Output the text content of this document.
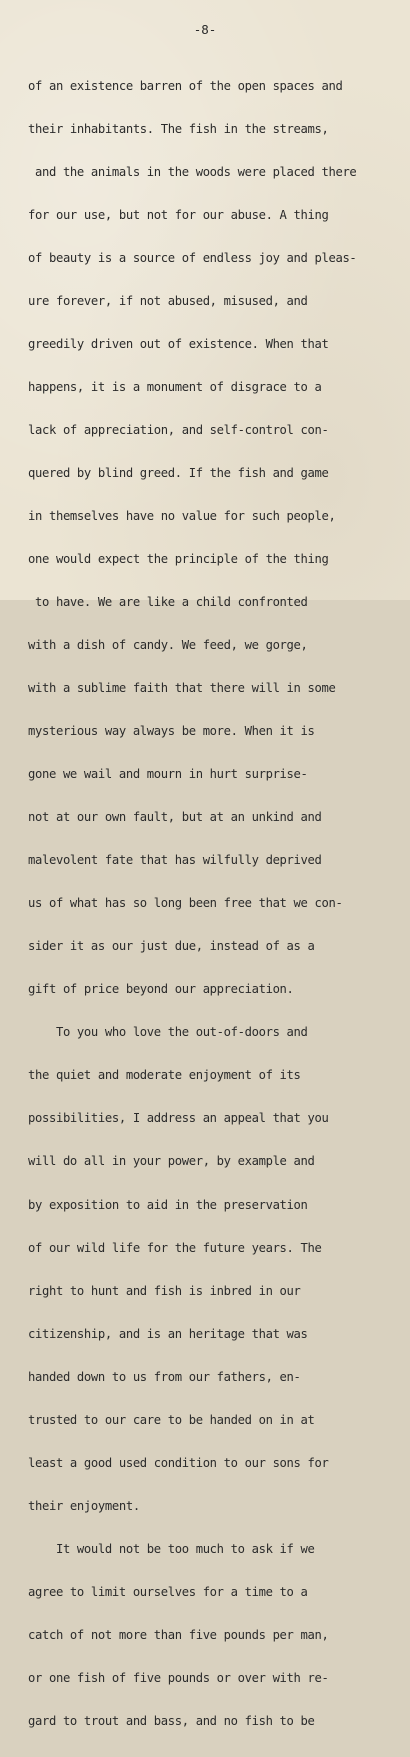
-8-

of an existence barren of the open spaces and

their inhabitants. The fish in the streams,

and the animals in the woods were placed there

for our use, but not for our abuse. A thing

of beauty is a source of endless joy and pleas-

ure forever, if not abused, misused, and

greedily driven out of existence. When that

happens, it is a monument of disgrace to a

lack of appreciation, and self-control con-

quered by blind greed. If the fish and game

in themselves have no value for such people,

one would expect the principle of the thing

to have. We are like a child confronted

with a dish of candy. We feed, we gorge,

with a sublime faith that there will in some

mysterious way always be more. When it is

gone we wail and mourn in hurt surprise-

not at our own fault, but at an unkind and

malevolent fate that has wilfully deprived

us of what has so long been free that we con-

sider it as our just due, instead of as a

gift of price beyond our appreciation.

To you who love the out-of-doors and

the quiet and moderate enjoyment of its

possibilities, I address an appeal that you

will do all in your power, by example and

by exposition to aid in the preservation

of our wild life for the future years. The

right to hunt and fish is inbred in our

citizenship, and is an heritage that was

handed down to us from our fathers, en-

trusted to our care to be handed on in at

least a good used condition to our sons for

their enjoyment.

It would not be too much to ask if we

agree to limit ourselves for a time to a

catch of not more than five pounds per man,

or one fish of five pounds or over with re-

gard to trout and bass, and no fish to be
